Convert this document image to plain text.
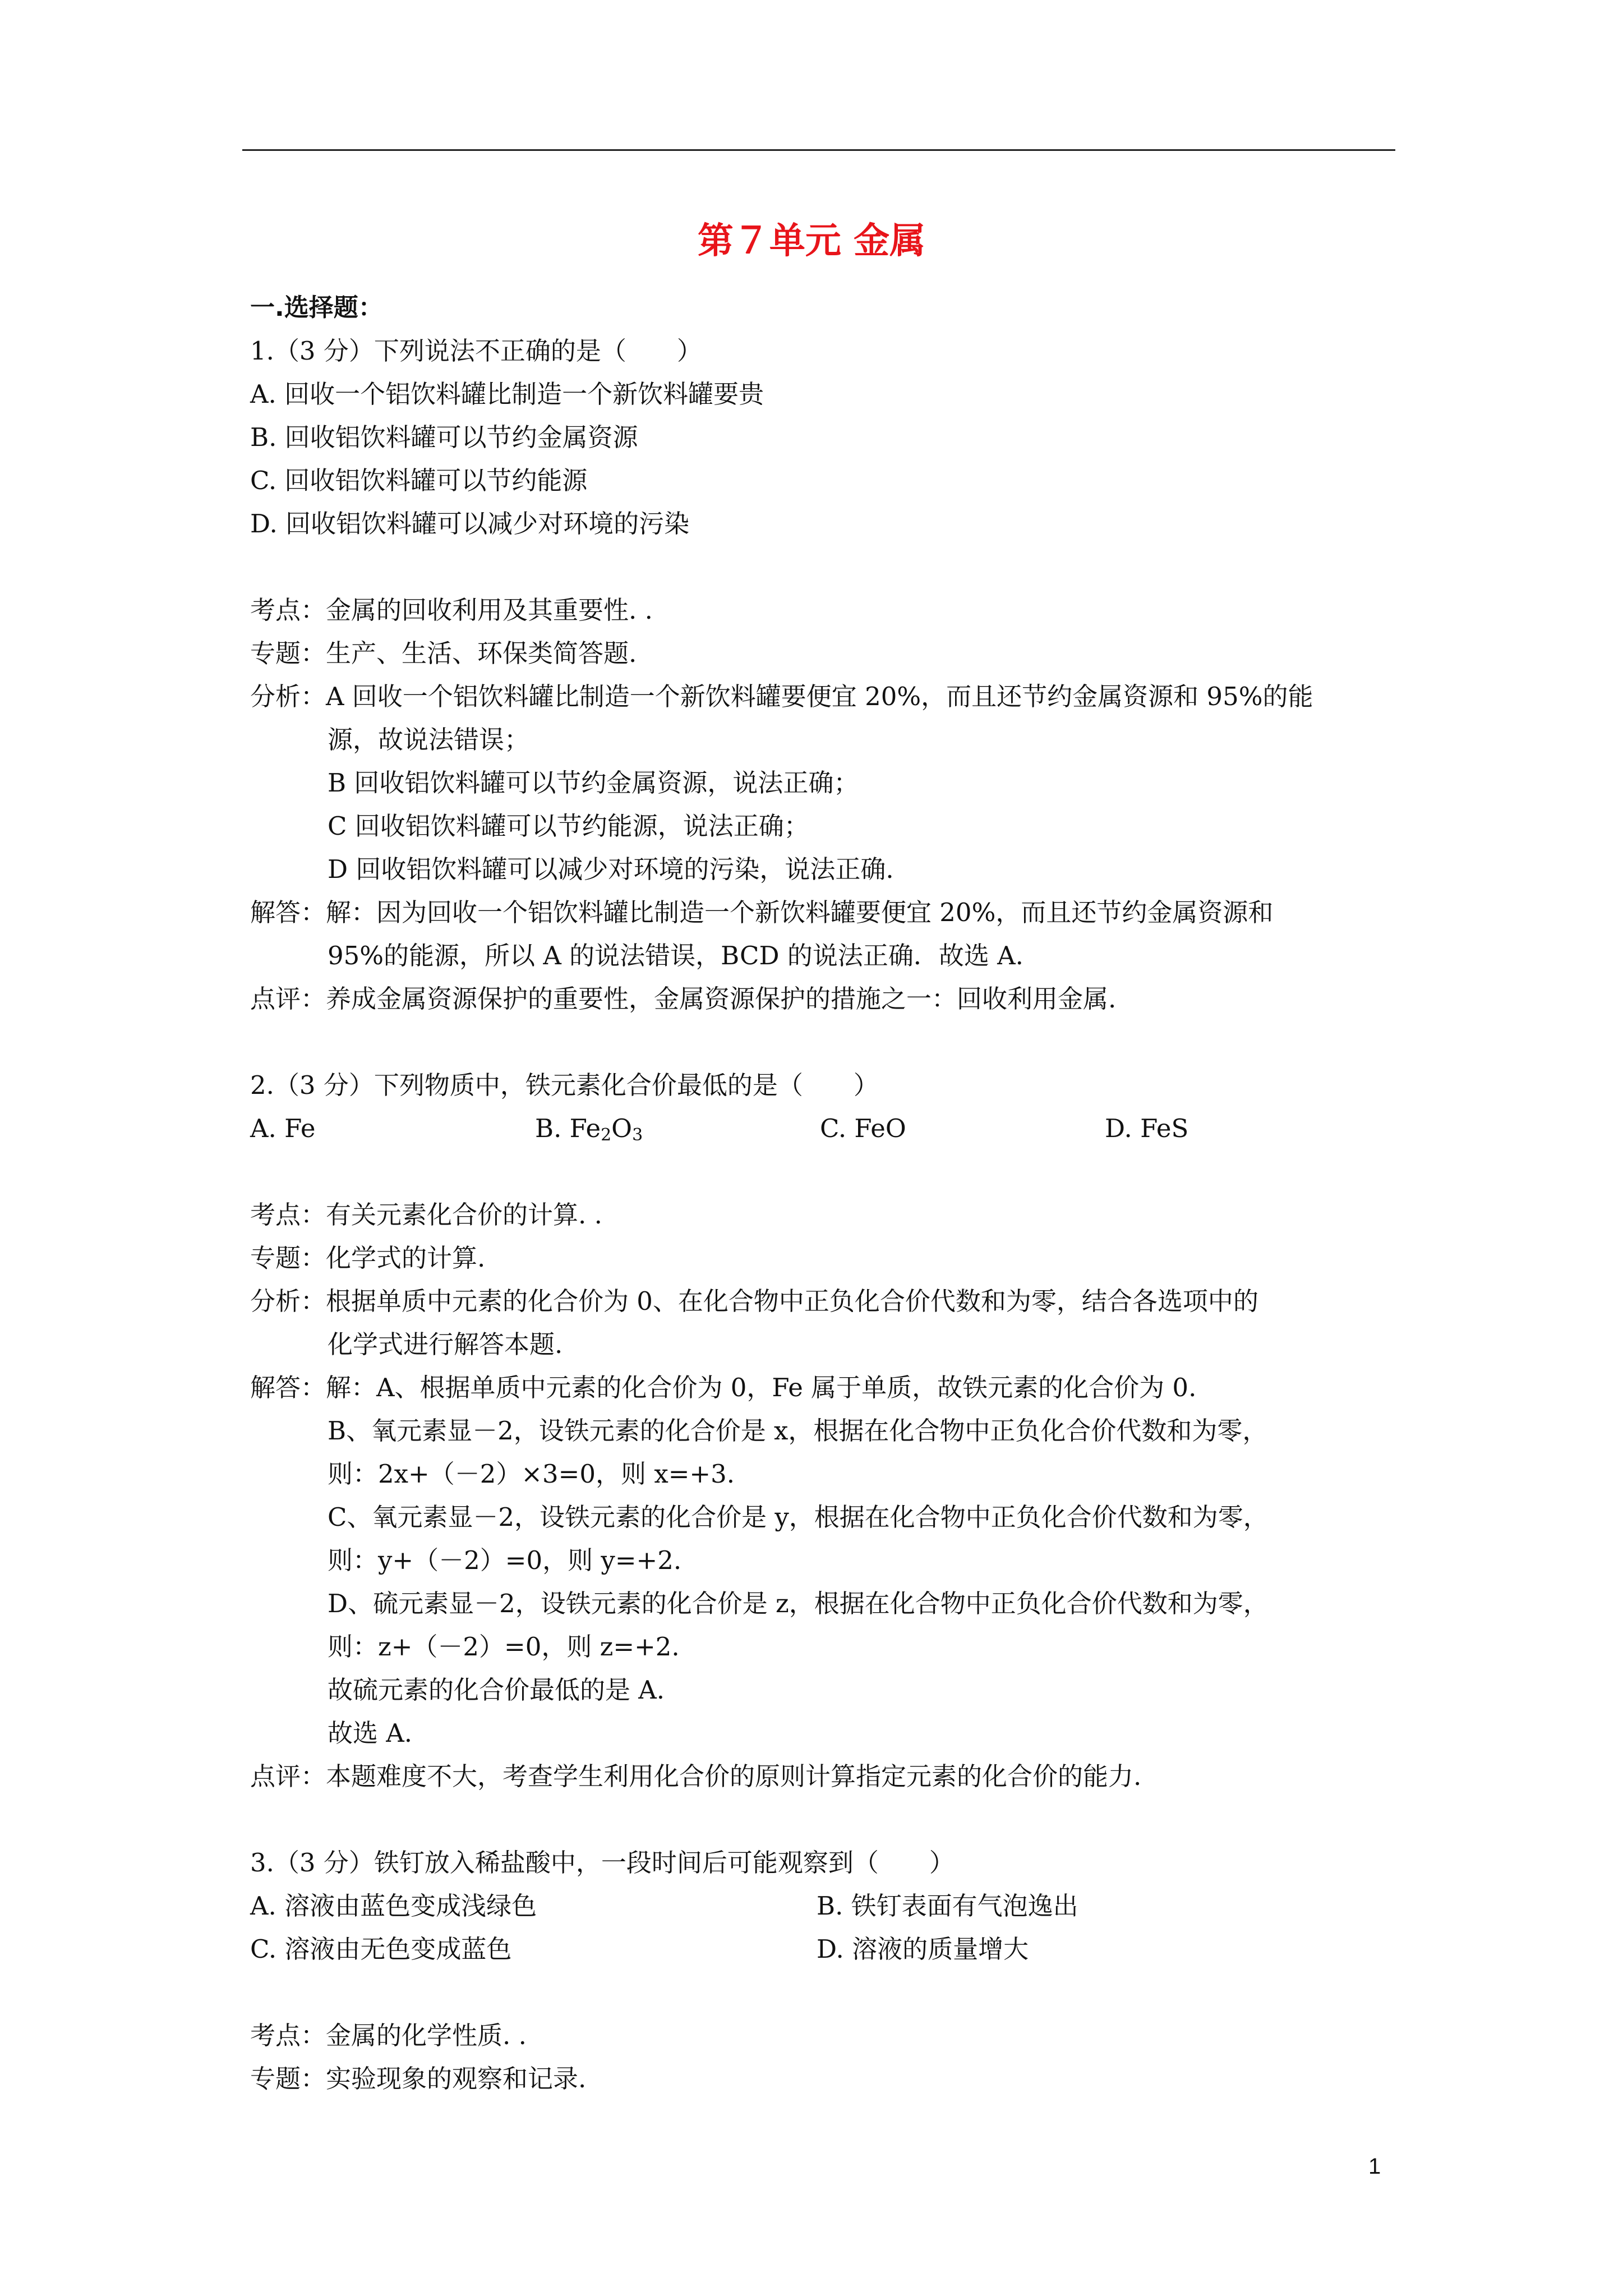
第７单元 金属
一.选择题：
1.（3 分）下列说法不正确的是（　　）
A. 回收一个铝饮料罐比制造一个新饮料罐要贵
B. 回收铝饮料罐可以节约金属资源
C. 回收铝饮料罐可以节约能源
D. 回收铝饮料罐可以减少对环境的污染
考点：金属的回收利用及其重要性. .
专题：生产、生活、环保类简答题.
分析：A 回收一个铝饮料罐比制造一个新饮料罐要便宜 20%，而且还节约金属资源和 95%的能
源，故说法错误；
B 回收铝饮料罐可以节约金属资源，说法正确；
C 回收铝饮料罐可以节约能源，说法正确；
D 回收铝饮料罐可以减少对环境的污染，说法正确.
解答：解：因为回收一个铝饮料罐比制造一个新饮料罐要便宜 20%，而且还节约金属资源和
95%的能源，所以 A 的说法错误，BCD 的说法正确．故选 A.
点评：养成金属资源保护的重要性，金属资源保护的措施之一：回收利用金属.
2.（3 分）下列物质中，铁元素化合价最低的是（　　）
A. Fe	B. $Fe_2O_3$	C. FeO	D. FeS
考点：有关元素化合价的计算. .
专题：化学式的计算.
分析：根据单质中元素的化合价为 0、在化合物中正负化合价代数和为零，结合各选项中的
化学式进行解答本题.
解答：解：A、根据单质中元素的化合价为 0，Fe 属于单质，故铁元素的化合价为 0.
B、氧元素显－2，设铁元素的化合价是 x，根据在化合物中正负化合价代数和为零，
则：2x+（－2）×3=0，则 x=+3.
C、氧元素显－2，设铁元素的化合价是 y，根据在化合物中正负化合价代数和为零，
则：y+（－2）=0，则 y=+2.
D、硫元素显－2，设铁元素的化合价是 z，根据在化合物中正负化合价代数和为零，
则：z+（－2）=0，则 z=+2.
故硫元素的化合价最低的是 A.
故选 A.
点评：本题难度不大，考查学生利用化合价的原则计算指定元素的化合价的能力.
3.（3 分）铁钉放入稀盐酸中，一段时间后可能观察到（　　）
A. 溶液由蓝色变成浅绿色	B. 铁钉表面有气泡逸出
C. 溶液由无色变成蓝色	D. 溶液的质量增大
考点：金属的化学性质. .
专题：实验现象的观察和记录.
1
